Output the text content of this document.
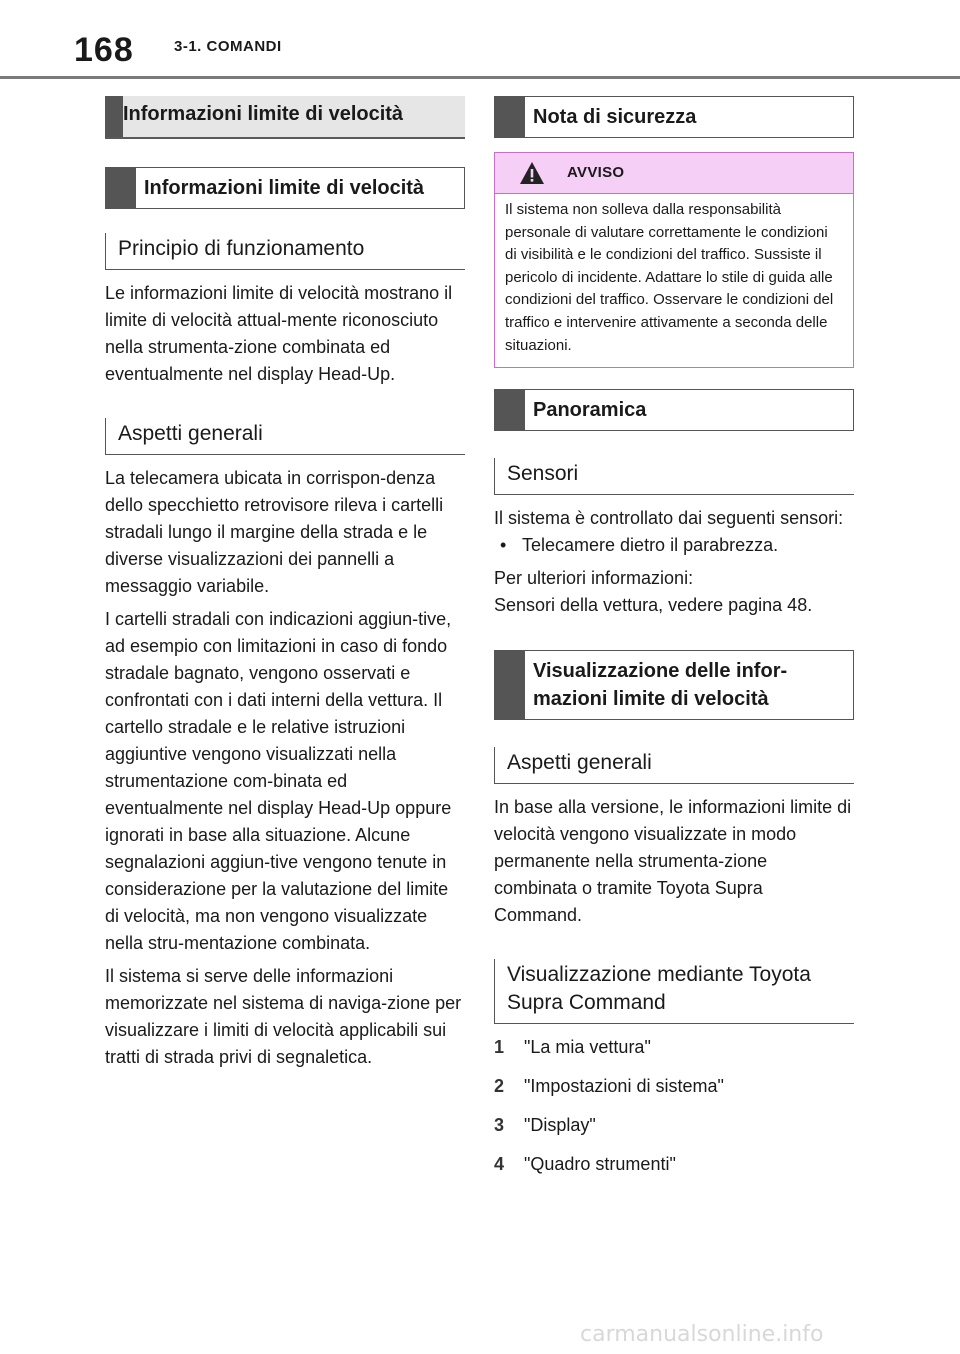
168	3-1. COMANDI
Informazioni limite di velocità
Informazioni limite di velocità
Principio di funzionamento

Le informazioni limite di velocità mostrano il limite di velocità attual-mente riconosciuto nella strumenta-zione combinata ed eventualmente nel display Head-Up.

Aspetti generali

La telecamera ubicata in corrispon-denza dello specchietto retrovisore rileva i cartelli stradali lungo il margine della strada e le diverse visualizzazioni dei pannelli a messaggio variabile.

I cartelli stradali con indicazioni aggiun-tive, ad esempio con limitazioni in caso di fondo stradale bagnato, vengono osservati e confrontati con i dati interni della vettura. Il cartello stradale e le relative istruzioni aggiuntive vengono visualizzati nella strumentazione com-binata ed eventualmente nel display Head-Up oppure ignorati in base alla situazione. Alcune segnalazioni aggiun-tive vengono tenute in considerazione per la valutazione del limite di velocità, ma non vengono visualizzate nella stru-mentazione combinata.

Il sistema si serve delle informazioni memorizzate nel sistema di naviga-zione per visualizzare i limiti di velocità applicabili sui tratti di strada privi di segnaletica.

Nota di sicurezza
AVVISO
Il sistema non solleva dalla responsabilità personale di valutare correttamente le condizioni di visibilità e le condizioni del traffico. Sussiste il pericolo di incidente. Adattare lo stile di guida alle condizioni del traffico. Osservare le condizioni del traffico e intervenire attivamente a seconda delle situazioni.
Panoramica
Sensori

Il sistema è controllato dai seguenti sensori:

• Telecamere dietro il parabrezza.

Per ulteriori informazioni:

Sensori della vettura, vedere pagina 48.

Visualizzazione delle infor-mazioni limite di velocità
Aspetti generali

In base alla versione, le informazioni limite di velocità vengono visualizzate in modo permanente nella strumenta-zione combinata o tramite Toyota Supra Command.

Visualizzazione mediante Toyota Supra Command
1	"La mia vettura"
2	"Impostazioni di sistema"
3	"Display"
4	"Quadro strumenti"
carmanualsonline.info
